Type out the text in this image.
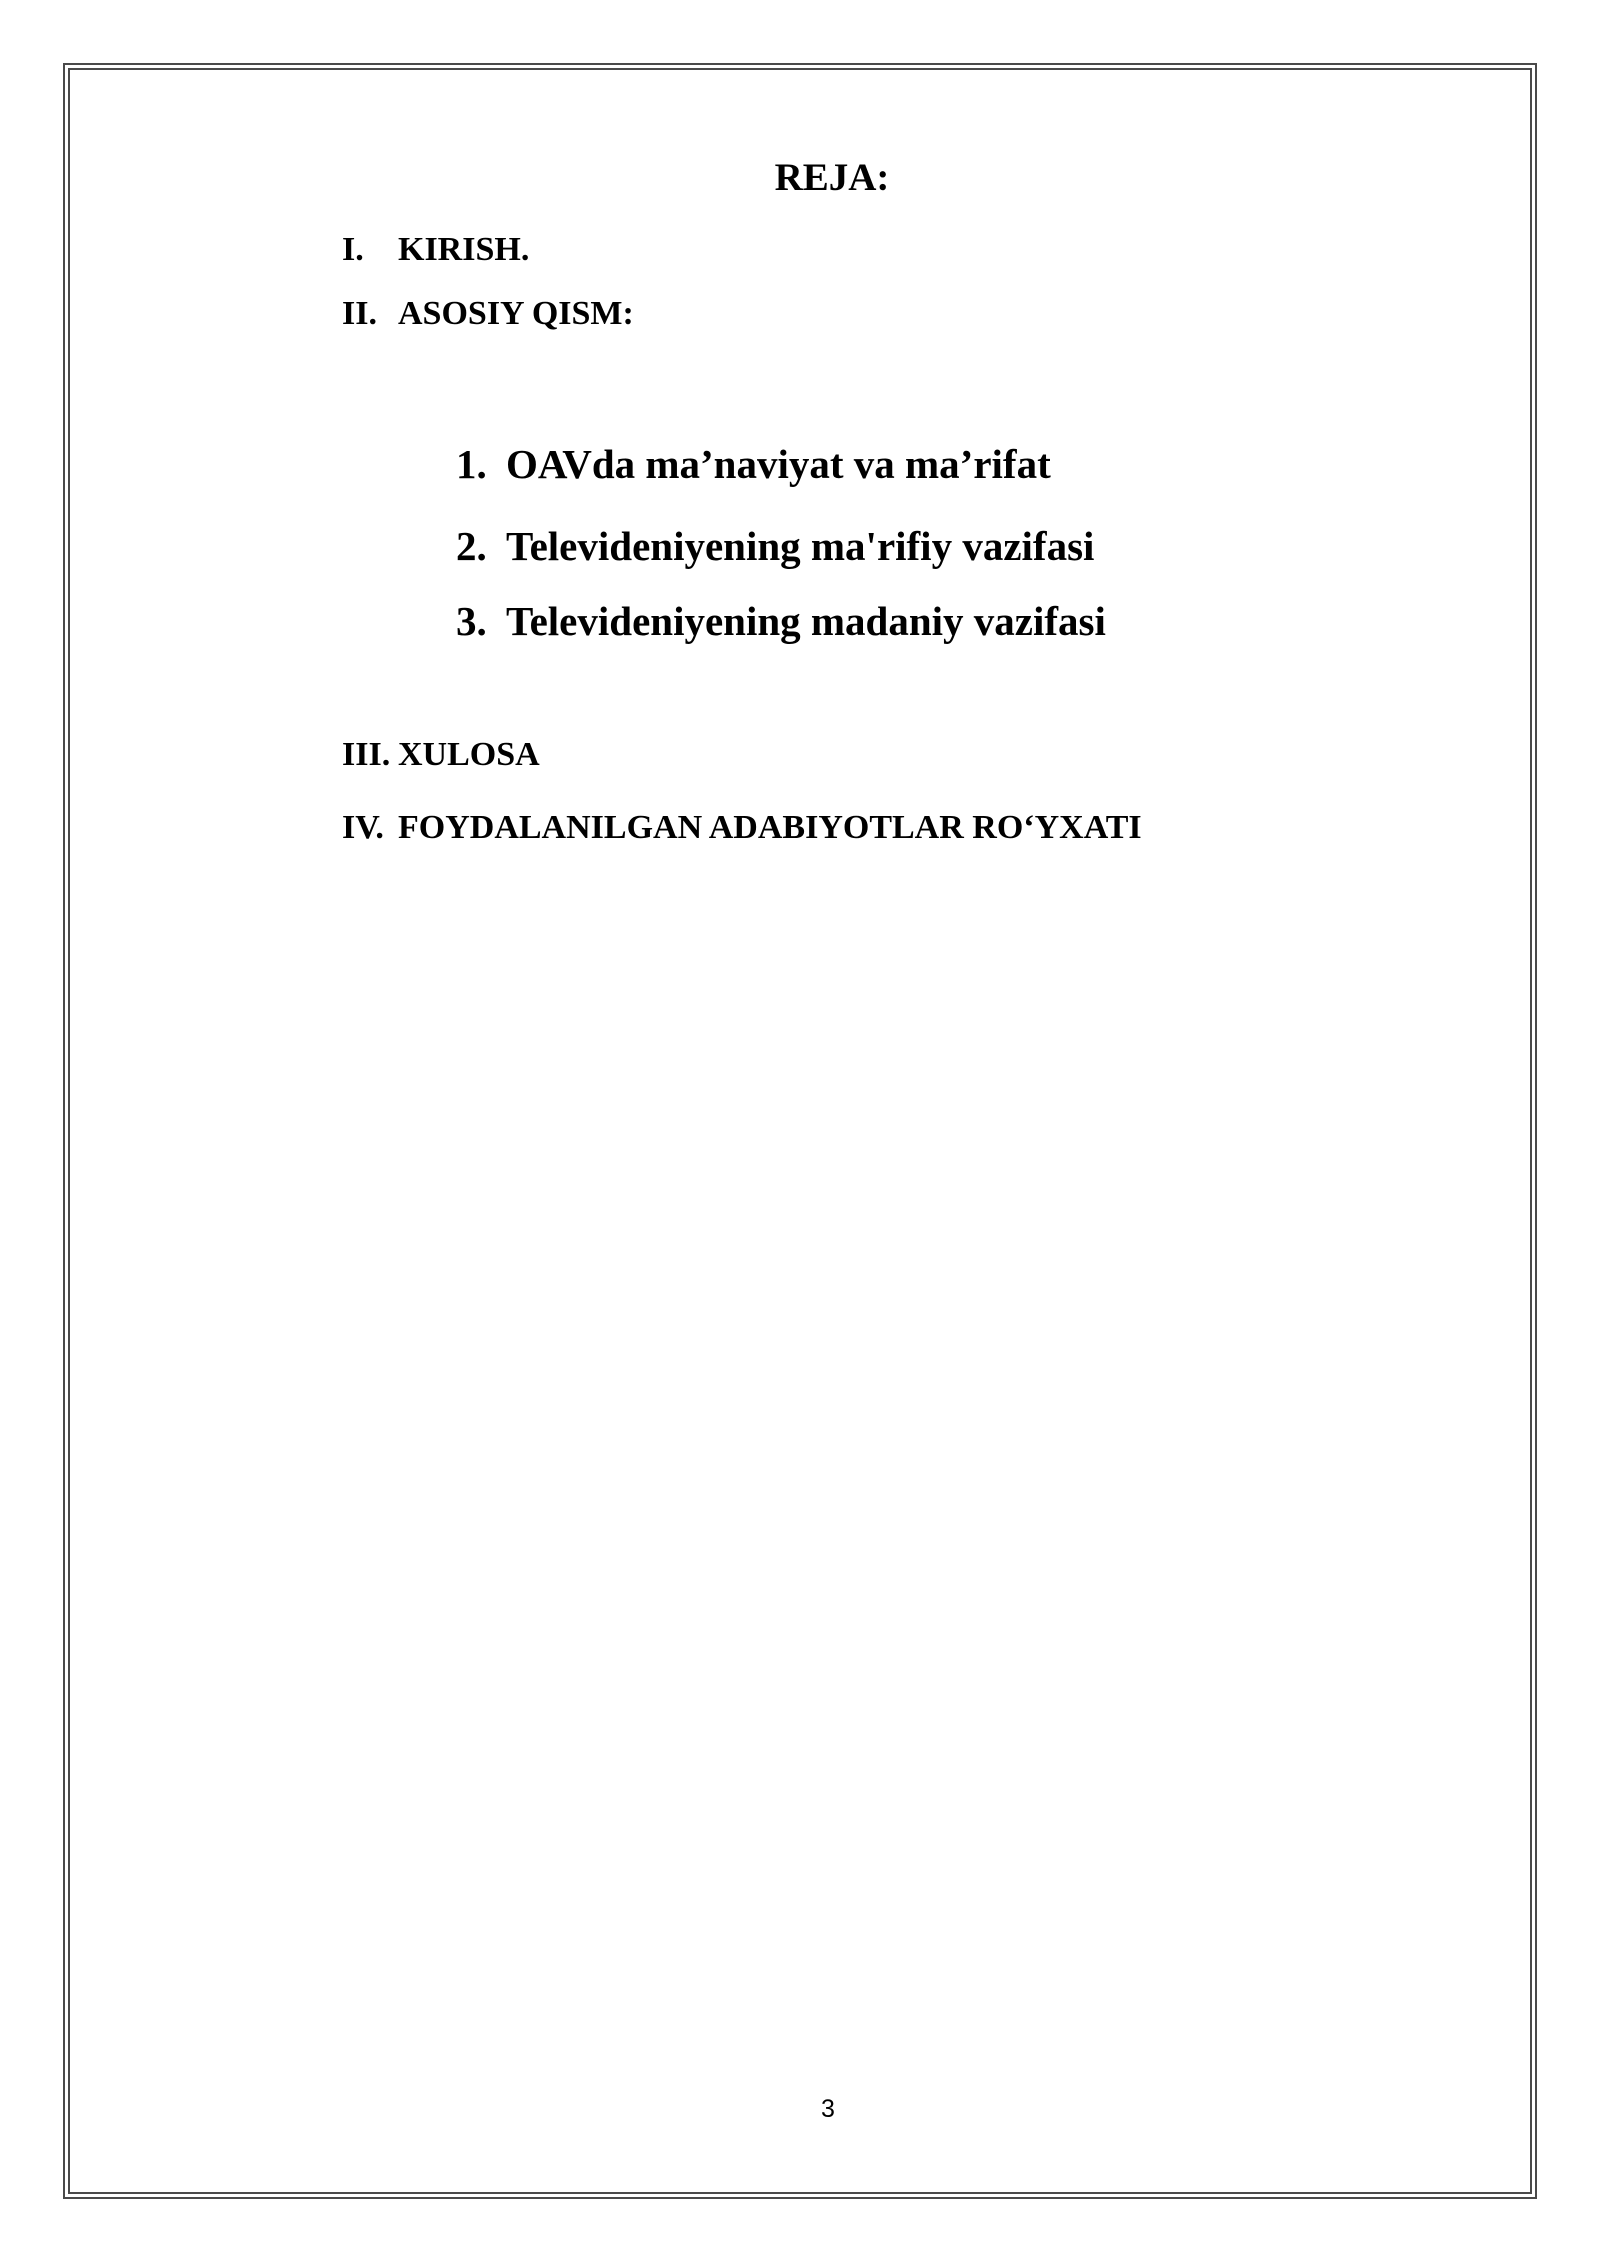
REJA:
I. KIRISH.
II. ASOSIY QISM:
1. OAVda ma’naviyat va ma’rifat
2. Televideniyening ma'rifiy vazifasi
3. Televideniyening madaniy vazifasi
III. XULOSA
IV. FOYDALANILGAN ADABIYOTLAR RO‘YXATI
3
